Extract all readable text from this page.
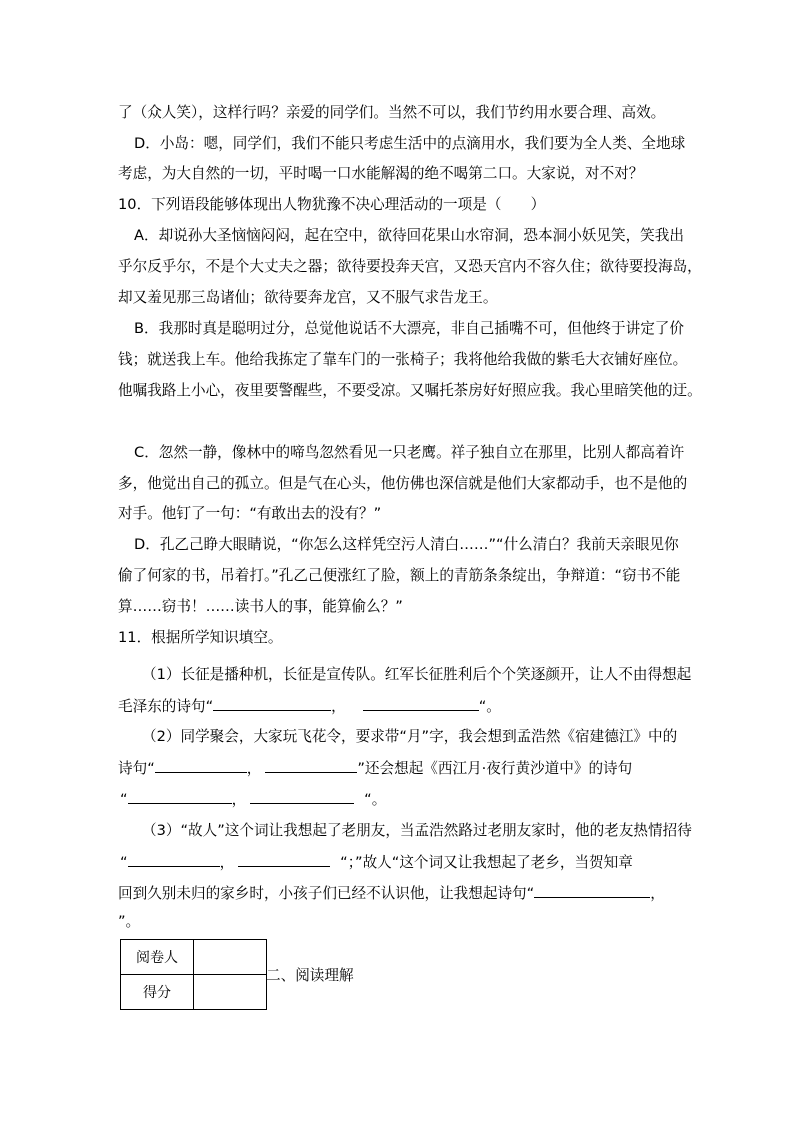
了（众人笑），这样行吗？亲爱的同学们。当然不可以，我们节约用水要合理、高效。
D．小岛：嗯，同学们，我们不能只考虑生活中的点滴用水，我们要为全人类、全地球
考虑，为大自然的一切，平时喝一口水能解渴的绝不喝第二口。大家说，对不对？
10．下列语段能够体现出人物犹豫不决心理活动的一项是（　　）
A．却说孙大圣恼恼闷闷，起在空中，欲待回花果山水帘洞，恐本洞小妖见笑，笑我出
乎尔反乎尔，不是个大丈夫之器；欲待要投奔天宫，又恐天宫内不容久住；欲待要投海岛，
却又羞见那三岛诸仙；欲待要奔龙宫，又不服气求告龙王。
B．我那时真是聪明过分，总觉他说话不大漂亮，非自己插嘴不可，但他终于讲定了价
钱；就送我上车。他给我拣定了靠车门的一张椅子；我将他给我做的紫毛大衣铺好座位。
他嘱我路上小心，夜里要警醒些，不要受凉。又嘱托茶房好好照应我。我心里暗笑他的迂。
C．忽然一静，像林中的啼鸟忽然看见一只老鹰。祥子独自立在那里，比别人都高着许
多，他觉出自己的孤立。但是气在心头，他仿佛也深信就是他们大家都动手，也不是他的
对手。他钉了一句：“有敢出去的没有？”
D．孔乙己睁大眼睛说，“你怎么这样凭空污人清白……”“什么清白？我前天亲眼见你
偷了何家的书，吊着打。”孔乙己便涨红了脸，额上的青筋条条绽出，争辩道：“窃书不能
算……窃书！……读书人的事，能算偷么？”
11．根据所学知识填空。
（1）长征是播种机，长征是宣传队。红军长征胜利后个个笑逐颜开，让人不由得想起
毛泽东的诗句“	，	“。
（2）同学聚会，大家玩飞花令，要求带“月”字，我会想到孟浩然《宿建德江》中的
诗句“	，	”还会想起《西江月·夜行黄沙道中》的诗句
“	，	“。
（3）“故人”这个词让我想起了老朋友，当孟浩然路过老朋友家时，他的老友热情招待
“	，	“；”故人“这个词又让我想起了老乡，当贺知章
回到久别未归的家乡时，小孩子们已经不认识他，让我想起诗句“	，
”。
阅卷人	
得分	
二、阅读理解
